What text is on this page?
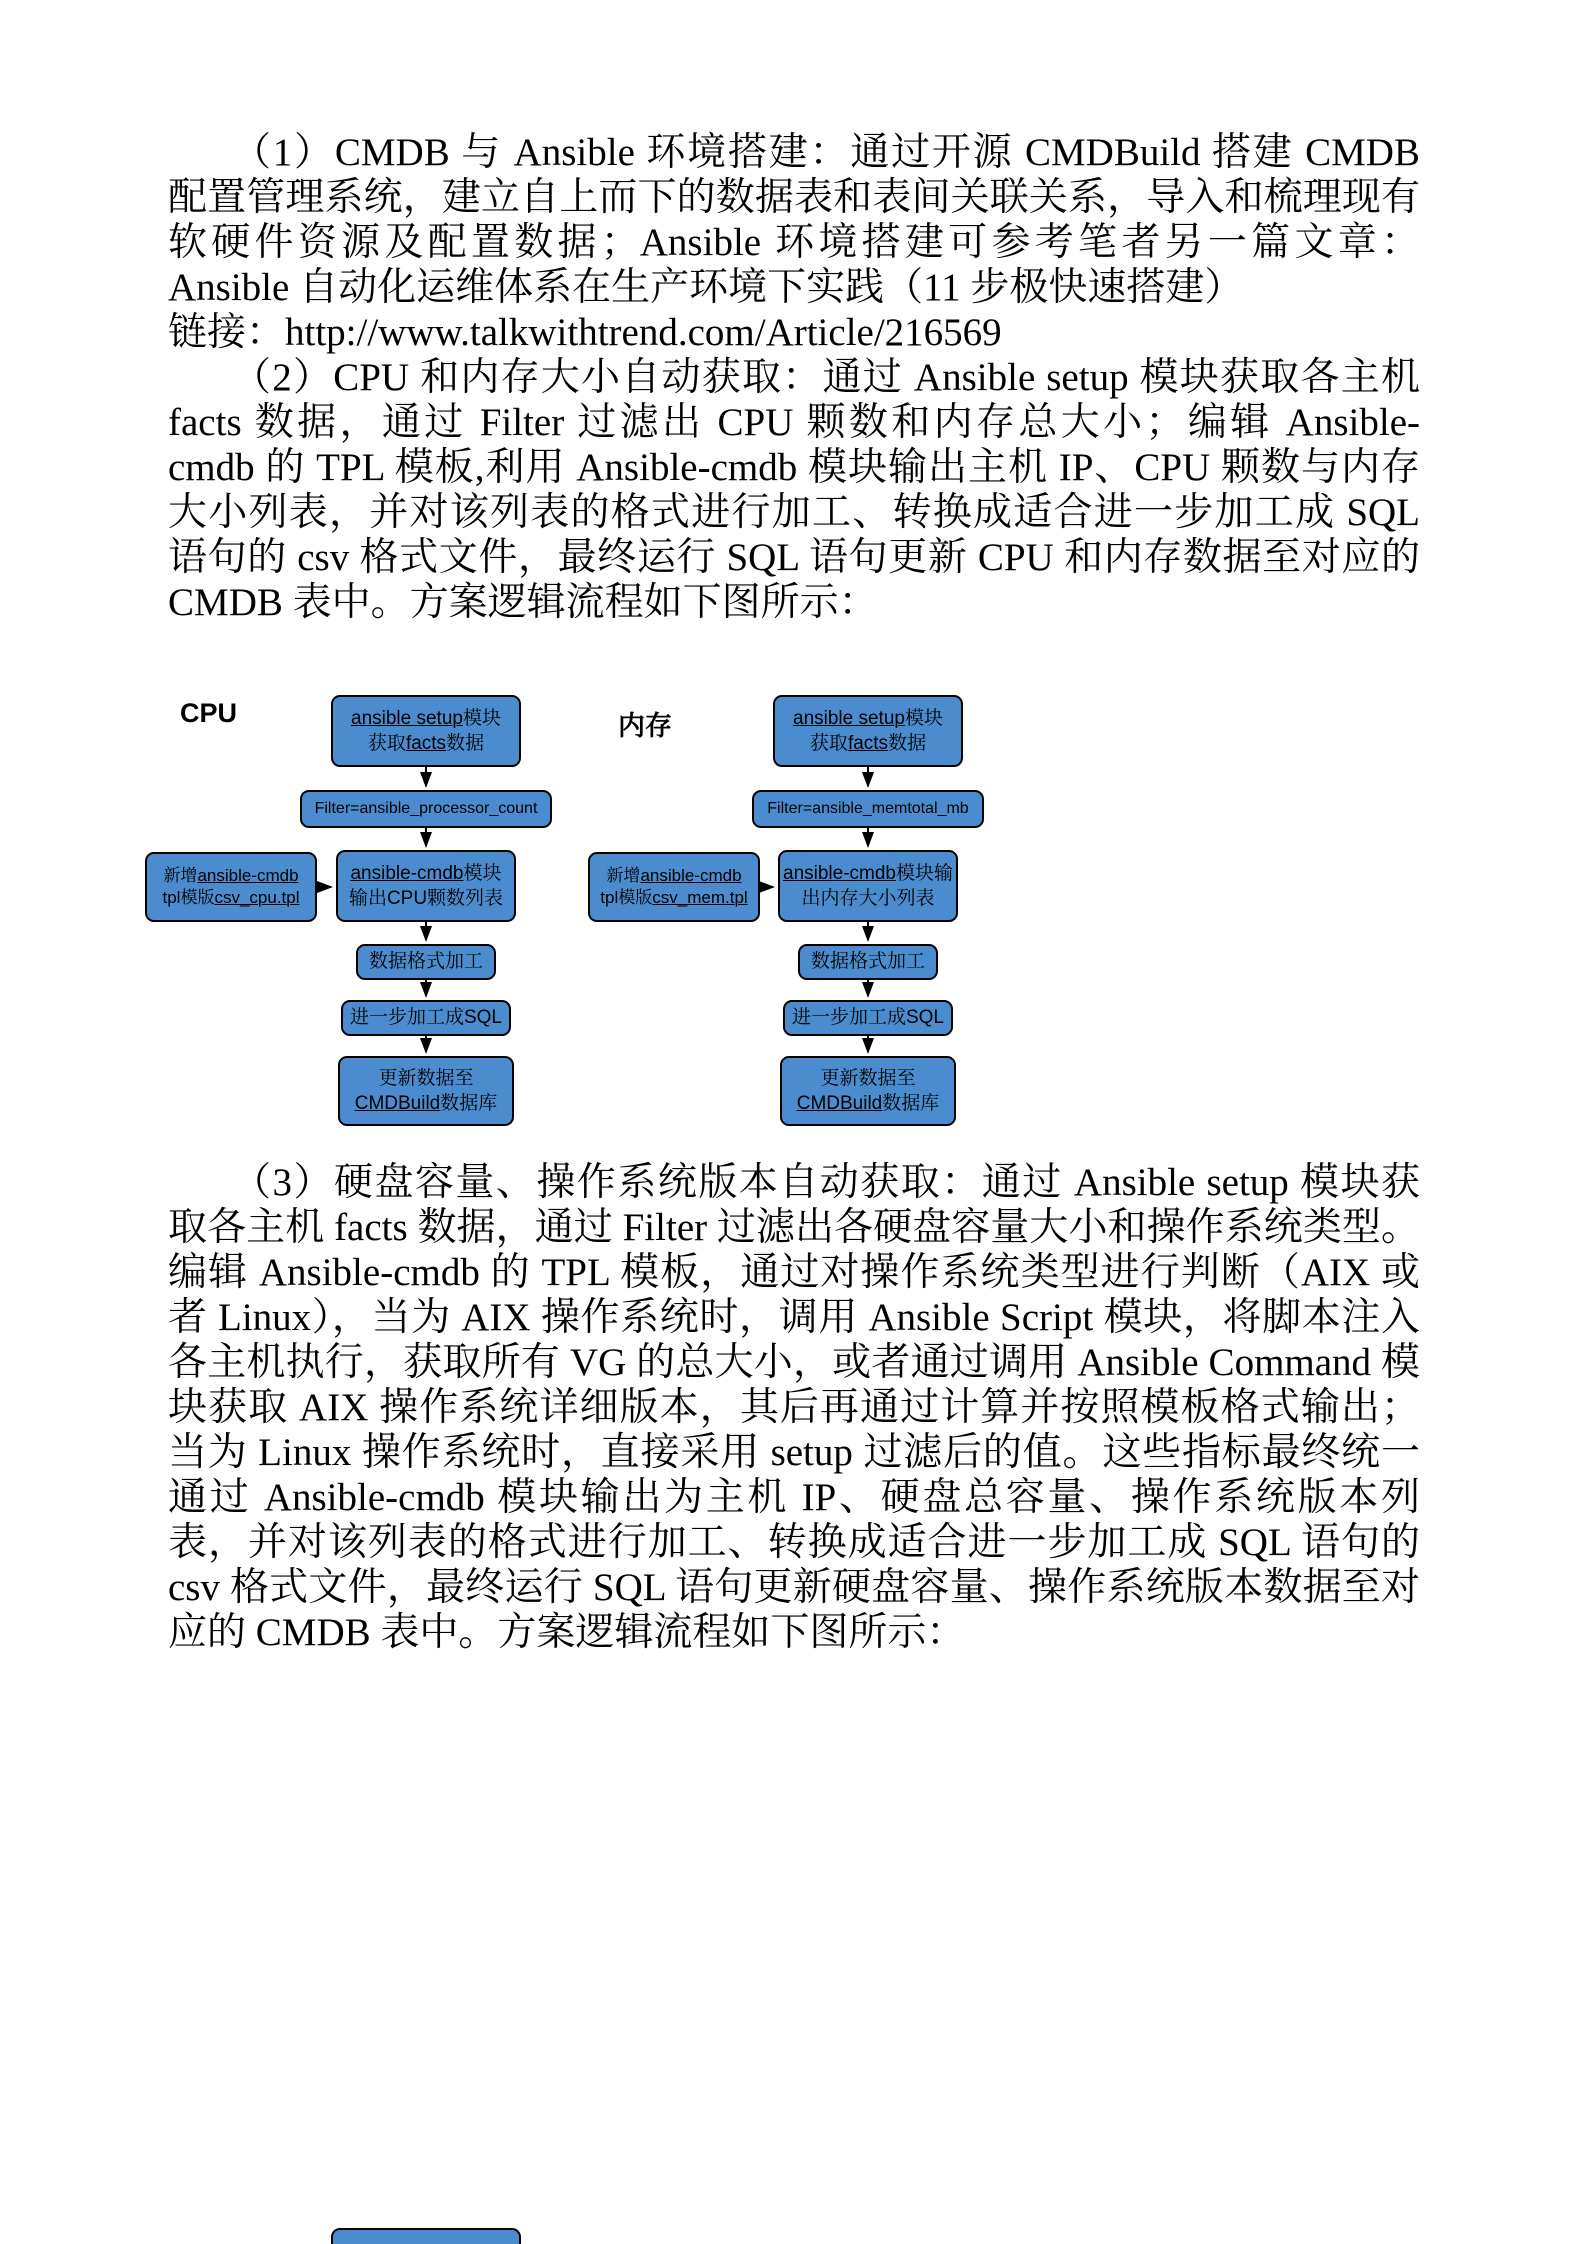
（1）CMDB 与 Ansible 环境搭建：通过开源 CMDBuild 搭建 CMDB 配置管理系统，建立自上而下的数据表和表间关联关系，导入和梳理现有软硬件资源及配置数据；Ansible 环境搭建可参考笔者另一篇文章：Ansible 自动化运维体系在生产环境下实践（11 步极快速搭建）

链接：http://www.talkwithtrend.com/Article/216569

（2）CPU 和内存大小自动获取：通过 Ansible setup 模块获取各主机 facts 数据，通过 Filter 过滤出 CPU 颗数和内存总大小；编辑 Ansible-cmdb 的 TPL 模板,利用 Ansible-cmdb 模块输出主机 IP、CPU 颗数与内存大小列表，并对该列表的格式进行加工、转换成适合进一步加工成 SQL 语句的 csv 格式文件，最终运行 SQL 语句更新 CPU 和内存数据至对应的 CMDB 表中。方案逻辑流程如下图所示：

CPU	内存
ansible setup模块
获取facts数据
Filter=ansible_processor_count
新增ansible-cmdb
tpl模版csv_cpu.tpl
ansible-cmdb模块
输出CPU颗数列表
数据格式加工
进一步加工成SQL
更新数据至
CMDBuild数据库
ansible setup模块
获取facts数据
Filter=ansible_memtotal_mb
新增ansible-cmdb
tpl模版csv_mem.tpl
ansible-cmdb模块输
出内存大小列表
数据格式加工
进一步加工成SQL
更新数据至
CMDBuild数据库

（3）硬盘容量、操作系统版本自动获取：通过 Ansible setup 模块获取各主机 facts 数据，通过 Filter 过滤出各硬盘容量大小和操作系统类型。编辑 Ansible-cmdb 的 TPL 模板，通过对操作系统类型进行判断（AIX 或者 Linux），当为 AIX 操作系统时，调用 Ansible Script 模块，将脚本注入各主机执行，获取所有 VG 的总大小，或者通过调用 Ansible Command 模块获取 AIX 操作系统详细版本，其后再通过计算并按照模板格式输出；当为 Linux 操作系统时，直接采用 setup 过滤后的值。这些指标最终统一通过 Ansible-cmdb 模块输出为主机 IP、硬盘总容量、操作系统版本列表，并对该列表的格式进行加工、转换成适合进一步加工成 SQL 语句的 csv 格式文件，最终运行 SQL 语句更新硬盘容量、操作系统版本数据至对应的 CMDB 表中。方案逻辑流程如下图所示：
